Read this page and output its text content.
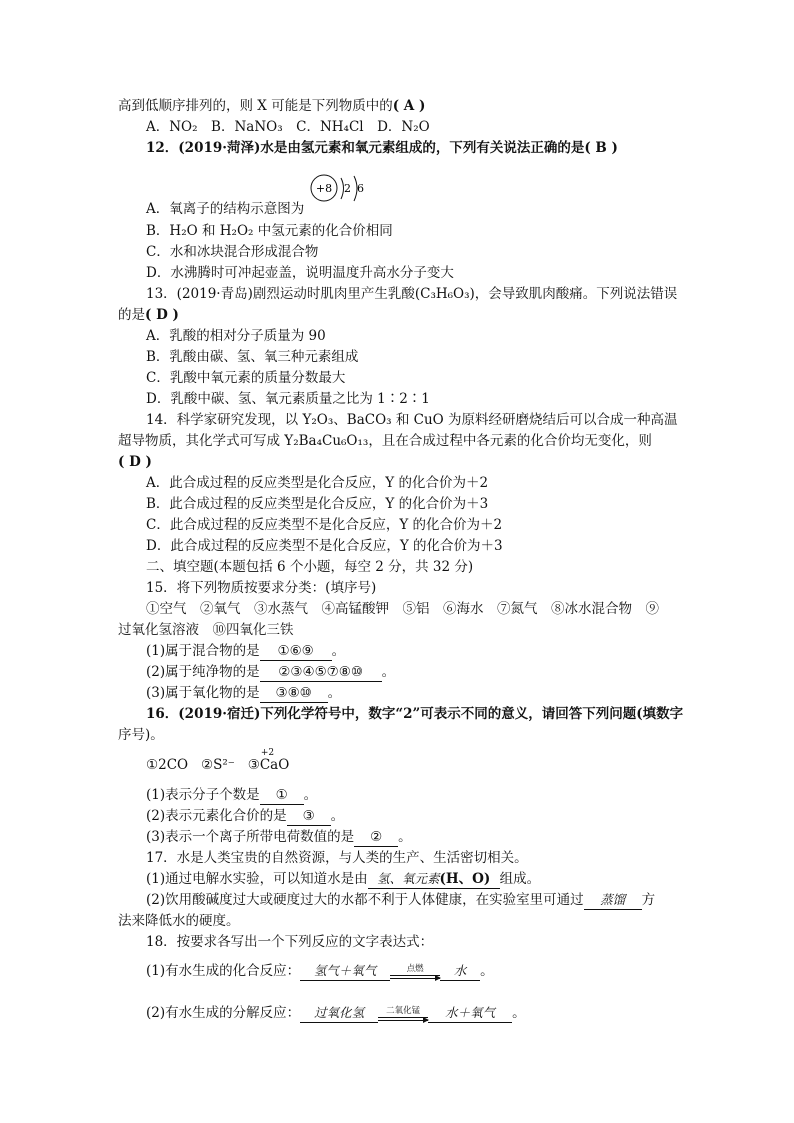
高到低顺序排列的，则 X 可能是下列物质中的( A )
A．NO₂　B．NaNO₃　C．NH₄Cl　D．N₂O
12．(2019·菏泽)水是由氢元素和氧元素组成的，下列有关说法正确的是( B )
A．氧离子的结构示意图为
+8 2 6
B．H₂O 和 H₂O₂ 中氢元素的化合价相同
C．水和冰块混合形成混合物
D．水沸腾时可冲起壶盖，说明温度升高水分子变大
13．(2019·青岛)剧烈运动时肌肉里产生乳酸(C₃H₆O₃)，会导致肌肉酸痛。下列说法错误
的是( D )
A．乳酸的相对分子质量为 90
B．乳酸由碳、氢、氧三种元素组成
C．乳酸中氧元素的质量分数最大
D．乳酸中碳、氢、氧元素质量之比为 1∶2∶1
14．科学家研究发现，以 Y₂O₃、BaCO₃ 和 CuO 为原料经研磨烧结后可以合成一种高温
超导物质，其化学式可写成 Y₂Ba₄Cu₆O₁₃，且在合成过程中各元素的化合价均无变化，则
( D )
A．此合成过程的反应类型是化合反应，Y 的化合价为＋2
B．此合成过程的反应类型是化合反应，Y 的化合价为＋3
C．此合成过程的反应类型不是化合反应，Y 的化合价为＋2
D．此合成过程的反应类型不是化合反应，Y 的化合价为＋3
二、填空题(本题包括 6 个小题，每空 2 分，共 32 分)
15．将下列物质按要求分类：(填序号)
①空气　②氧气　③水蒸气　④高锰酸钾　⑤铝　⑥海水　⑦氮气　⑧冰水混合物　⑨
过氧化氢溶液　⑩四氧化三铁
(1)属于混合物的是 ①⑥⑨ 。
(2)属于纯净物的是 ②③④⑤⑦⑧⑩ 。
(3)属于氧化物的是 ③⑧⑩ 。
16．(2019·宿迁)下列化学符号中，数字“2”可表示不同的意义，请回答下列问题(填数字
序号)。
①2CO ②S²⁻ ③
+2
CaO
(1)表示分子个数是 ① 。
(2)表示元素化合价的是 ③ 。
(3)表示一个离子所带电荷数值的是 ② 。
17．水是人类宝贵的自然资源，与人类的生产、生活密切相关。
(1)通过电解水实验，可以知道水是由 氢、氧元素(H、O) 组成。
(2)饮用酸碱度过大或硬度过大的水都不利于人体健康，在实验室里可通过 蒸馏 方
法来降低水的硬度。
18．按要求各写出一个下列反应的文字表达式：
(1)有水生成的化合反应： 氢气＋氧气	点燃	水 。
(2)有水生成的分解反应： 过氧化氢	二氧化锰	水＋氧气 。
